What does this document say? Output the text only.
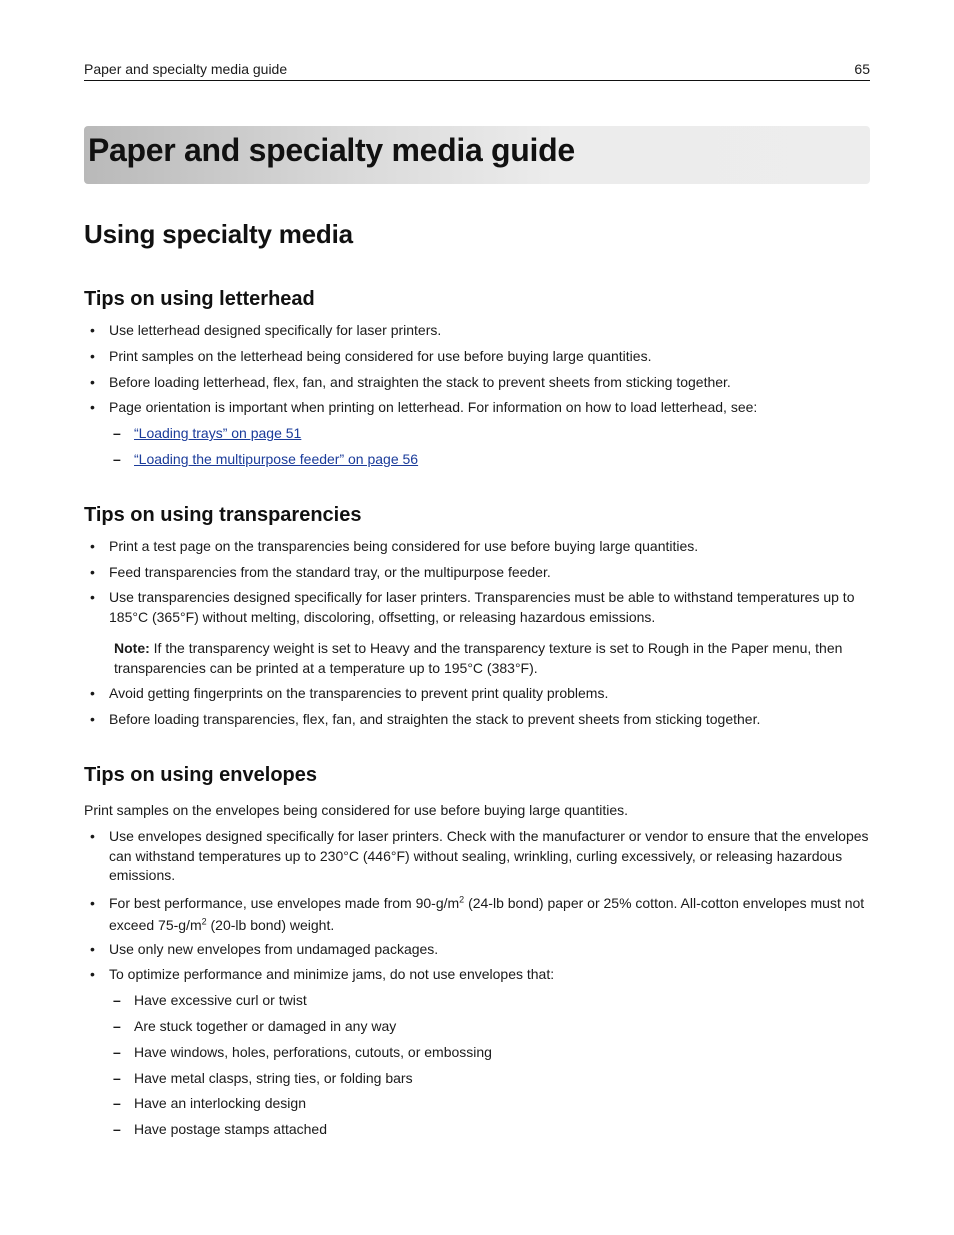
Paper and specialty media guide	65
Paper and specialty media guide
Using specialty media
Tips on using letterhead
• Use letterhead designed specifically for laser printers.
• Print samples on the letterhead being considered for use before buying large quantities.
• Before loading letterhead, flex, fan, and straighten the stack to prevent sheets from sticking together.
• Page orientation is important when printing on letterhead. For information on how to load letterhead, see:
– “Loading trays” on page 51
– “Loading the multipurpose feeder” on page 56
Tips on using transparencies
• Print a test page on the transparencies being considered for use before buying large quantities.
• Feed transparencies from the standard tray, or the multipurpose feeder.
• Use transparencies designed specifically for laser printers. Transparencies must be able to withstand temperatures up to 185°C (365°F) without melting, discoloring, offsetting, or releasing hazardous emissions.
Note: If the transparency weight is set to Heavy and the transparency texture is set to Rough in the Paper menu, then transparencies can be printed at a temperature up to 195°C (383°F).
• Avoid getting fingerprints on the transparencies to prevent print quality problems.
• Before loading transparencies, flex, fan, and straighten the stack to prevent sheets from sticking together.
Tips on using envelopes
Print samples on the envelopes being considered for use before buying large quantities.
• Use envelopes designed specifically for laser printers. Check with the manufacturer or vendor to ensure that the envelopes can withstand temperatures up to 230°C (446°F) without sealing, wrinkling, curling excessively, or releasing hazardous emissions.
• For best performance, use envelopes made from $90‑g/m^2$ (24‑lb bond) paper or 25% cotton. All‑cotton envelopes must not exceed $75‑g/m^2$ (20‑lb bond) weight.
• Use only new envelopes from undamaged packages.
• To optimize performance and minimize jams, do not use envelopes that:
– Have excessive curl or twist
– Are stuck together or damaged in any way
– Have windows, holes, perforations, cutouts, or embossing
– Have metal clasps, string ties, or folding bars
– Have an interlocking design
– Have postage stamps attached
